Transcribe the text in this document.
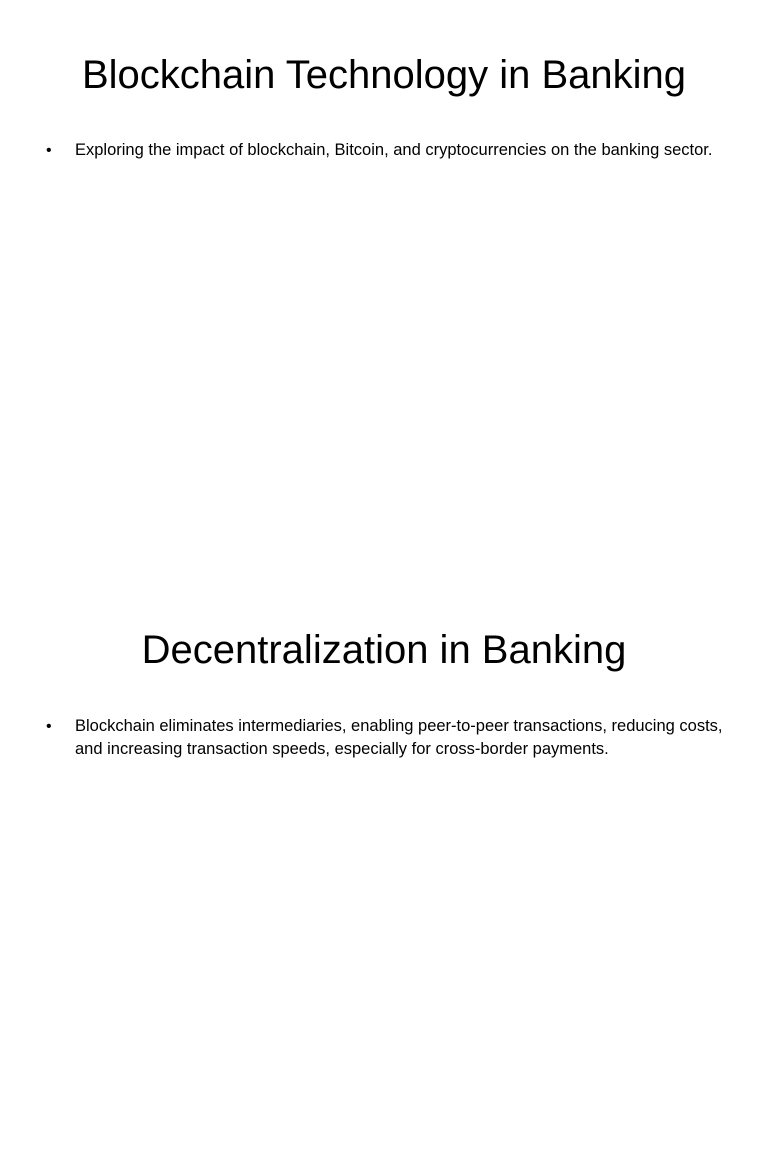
Blockchain Technology in Banking
• Exploring the impact of blockchain, Bitcoin, and cryptocurrencies on the banking sector.
Decentralization in Banking
• Blockchain eliminates intermediaries, enabling peer-to-peer transactions, reducing costs, and increasing transaction speeds, especially for cross-border payments.
